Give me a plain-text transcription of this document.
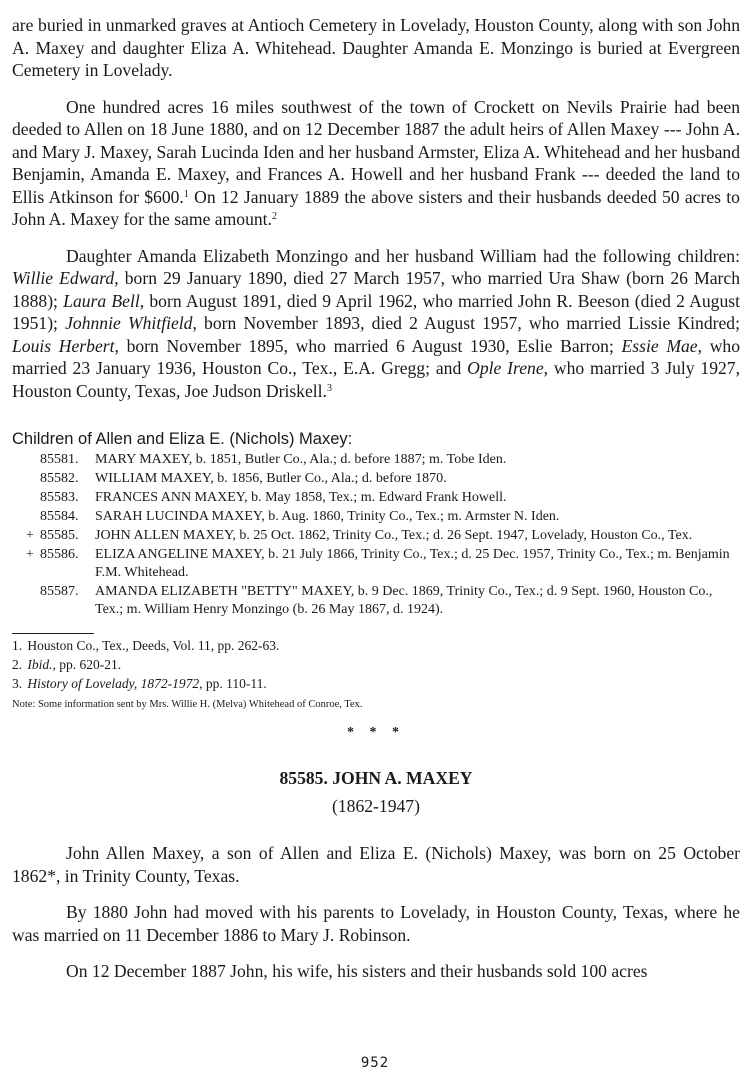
are buried in unmarked graves at Antioch Cemetery in Lovelady, Houston County, along with son John A. Maxey and daughter Eliza A. Whitehead. Daughter Amanda E. Monzingo is buried at Evergreen Cemetery in Lovelady.

One hundred acres 16 miles southwest of the town of Crockett on Nevils Prairie had been deeded to Allen on 18 June 1880, and on 12 December 1887 the adult heirs of Allen Maxey --- John A. and Mary J. Maxey, Sarah Lucinda Iden and her husband Armster, Eliza A. Whitehead and her husband Benjamin, Amanda E. Maxey, and Frances A. Howell and her husband Frank --- deeded the land to Ellis Atkinson for $600.$^1$ On 12 January 1889 the above sisters and their husbands deeded 50 acres to John A. Maxey for the same amount.$^2$

Daughter Amanda Elizabeth Monzingo and her husband William had the following children: Willie Edward, born 29 January 1890, died 27 March 1957, who married Ura Shaw (born 26 March 1888); Laura Bell, born August 1891, died 9 April 1962, who married John R. Beeson (died 2 August 1951); Johnnie Whitfield, born November 1893, died 2 August 1957, who married Lissie Kindred; Louis Herbert, born November 1895, who married 6 August 1930, Eslie Barron; Essie Mae, who married 23 January 1936, Houston Co., Tex., E.A. Gregg; and Ople Irene, who married 3 July 1927, Houston County, Texas, Joe Judson Driskell.$^3$

Children of Allen and Eliza E. (Nichols) Maxey:
85581. MARY MAXEY, b. 1851, Butler Co., Ala.; d. before 1887; m. Tobe Iden.
85582. WILLIAM MAXEY, b. 1856, Butler Co., Ala.; d. before 1870.
85583. FRANCES ANN MAXEY, b. May 1858, Tex.; m. Edward Frank Howell.
85584. SARAH LUCINDA MAXEY, b. Aug. 1860, Trinity Co., Tex.; m. Armster N. Iden.
+ 85585. JOHN ALLEN MAXEY, b. 25 Oct. 1862, Trinity Co., Tex.; d. 26 Sept. 1947, Lovelady, Houston Co., Tex.
+ 85586. ELIZA ANGELINE MAXEY, b. 21 July 1866, Trinity Co., Tex.; d. 25 Dec. 1957, Trinity Co., Tex.; m. Benjamin F.M. Whitehead.
85587. AMANDA ELIZABETH "BETTY" MAXEY, b. 9 Dec. 1869, Trinity Co., Tex.; d. 9 Sept. 1960, Houston Co., Tex.; m. William Henry Monzingo (b. 26 May 1867, d. 1924).
1. Houston Co., Tex., Deeds, Vol. 11, pp. 262-63.
2. Ibid., pp. 620-21.
3. History of Lovelady, 1872-1972, pp. 110-11.
Note: Some information sent by Mrs. Willie H. (Melva) Whitehead of Conroe, Tex.
* * *
85585. JOHN A. MAXEY
(1862-1947)

John Allen Maxey, a son of Allen and Eliza E. (Nichols) Maxey, was born on 25 October 1862*, in Trinity County, Texas.

By 1880 John had moved with his parents to Lovelady, in Houston County, Texas, where he was married on 11 December 1886 to Mary J. Robinson.

On 12 December 1887 John, his wife, his sisters and their husbands sold 100 acres

952
